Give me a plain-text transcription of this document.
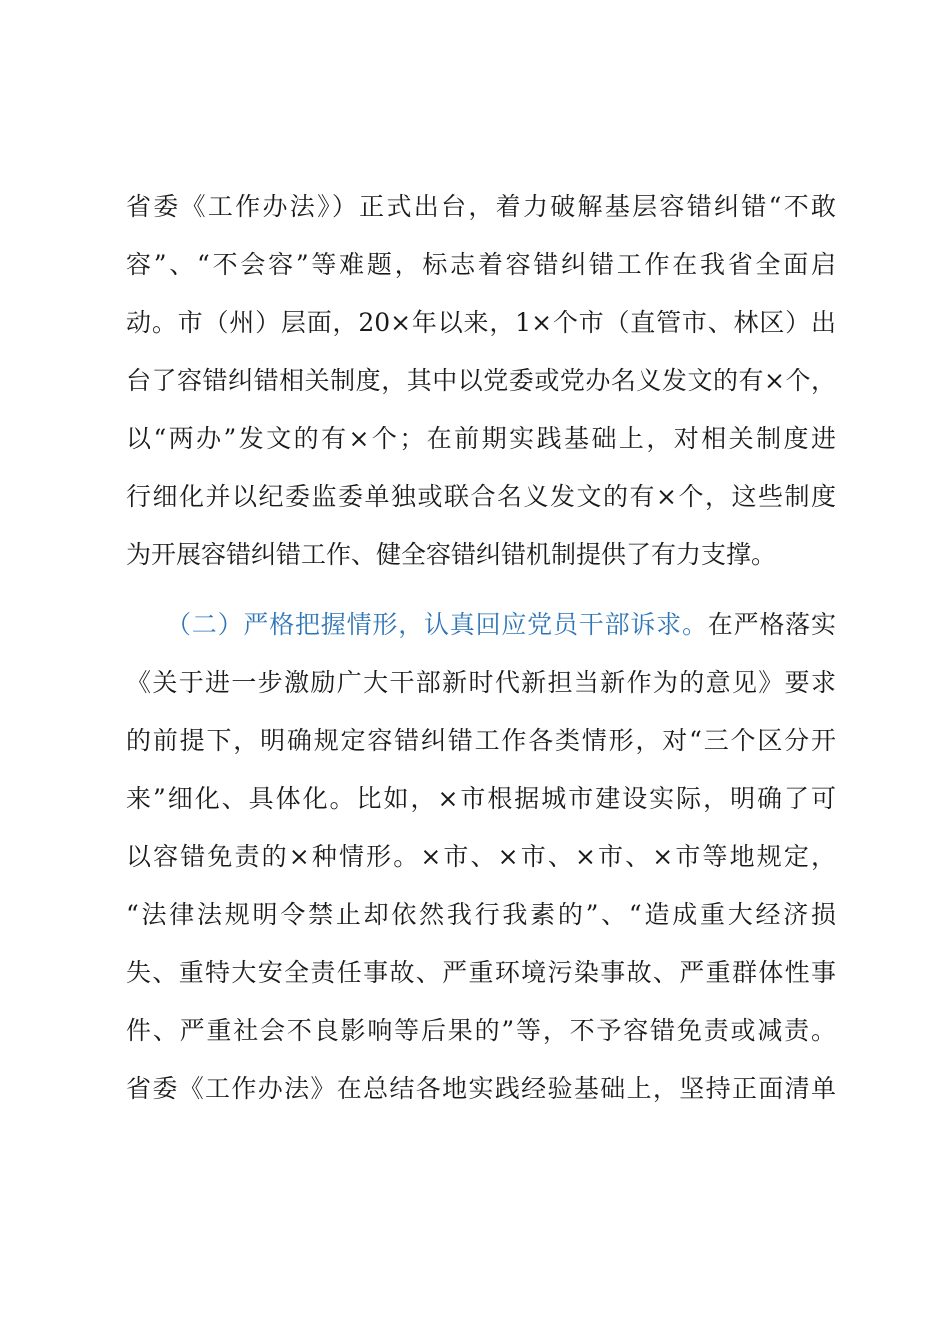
省委《工作办法》）正式出台，着力破解基层容错纠错“不敢
容”、“不会容”等难题，标志着容错纠错工作在我省全面启
动。市（州）层面，20×年以来，1×个市（直管市、林区）出
台了容错纠错相关制度，其中以党委或党办名义发文的有×个，
以“两办”发文的有×个；在前期实践基础上，对相关制度进
行细化并以纪委监委单独或联合名义发文的有×个，这些制度
为开展容错纠错工作、健全容错纠错机制提供了有力支撑。
（二）严格把握情形，认真回应党员干部诉求。在严格落实
《关于进一步激励广大干部新时代新担当新作为的意见》要求
的前提下，明确规定容错纠错工作各类情形，对“三个区分开
来”细化、具体化。比如，×市根据城市建设实际，明确了可
以容错免责的×种情形。×市、×市、×市、×市等地规定，
“法律法规明令禁止却依然我行我素的”、“造成重大经济损
失、重特大安全责任事故、严重环境污染事故、严重群体性事
件、严重社会不良影响等后果的”等，不予容错免责或减责。
省委《工作办法》在总结各地实践经验基础上，坚持正面清单
